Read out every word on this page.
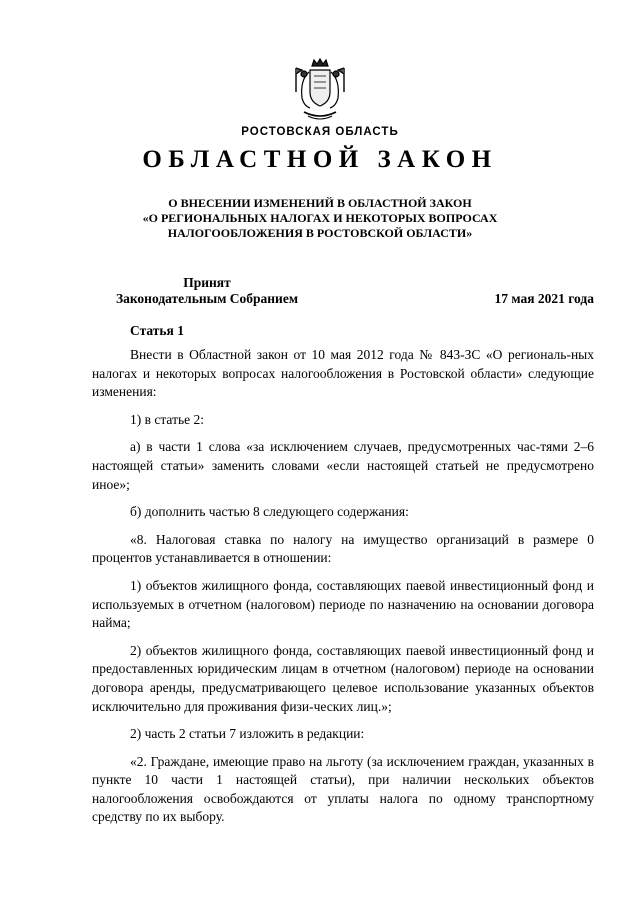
РОСТОВСКАЯ ОБЛАСТЬ
ОБЛАСТНОЙ ЗАКОН
О ВНЕСЕНИИ ИЗМЕНЕНИЙ В ОБЛАСТНОЙ ЗАКОН
«О РЕГИОНАЛЬНЫХ НАЛОГАХ И НЕКОТОРЫХ ВОПРОСАХ
НАЛОГООБЛОЖЕНИЯ В РОСТОВСКОЙ ОБЛАСТИ»
Принят
Законодательным Собранием	17 мая 2021 года
Статья 1

Внести в Областной закон от 10 мая 2012 года № 843-ЗС «О региональ-ных налогах и некоторых вопросах налогообложения в Ростовской области» следующие изменения:

1) в статье 2:

а) в части 1 слова «за исключением случаев, предусмотренных час-тями 2–6 настоящей статьи» заменить словами «если настоящей статьей не предусмотрено иное»;

б) дополнить частью 8 следующего содержания:

«8. Налоговая ставка по налогу на имущество организаций в размере 0 процентов устанавливается в отношении:

1) объектов жилищного фонда, составляющих паевой инвестиционный фонд и используемых в отчетном (налоговом) периоде по назначению на основании договора найма;

2) объектов жилищного фонда, составляющих паевой инвестиционный фонд и предоставленных юридическим лицам в отчетном (налоговом) периоде на основании договора аренды, предусматривающего целевое использование указанных объектов исключительно для проживания физи-ческих лиц.»;

2) часть 2 статьи 7 изложить в редакции:

«2. Граждане, имеющие право на льготу (за исключением граждан, указанных в пункте 10 части 1 настоящей статьи), при наличии нескольких объектов налогообложения освобождаются от уплаты налога по одному транспортному средству по их выбору.
